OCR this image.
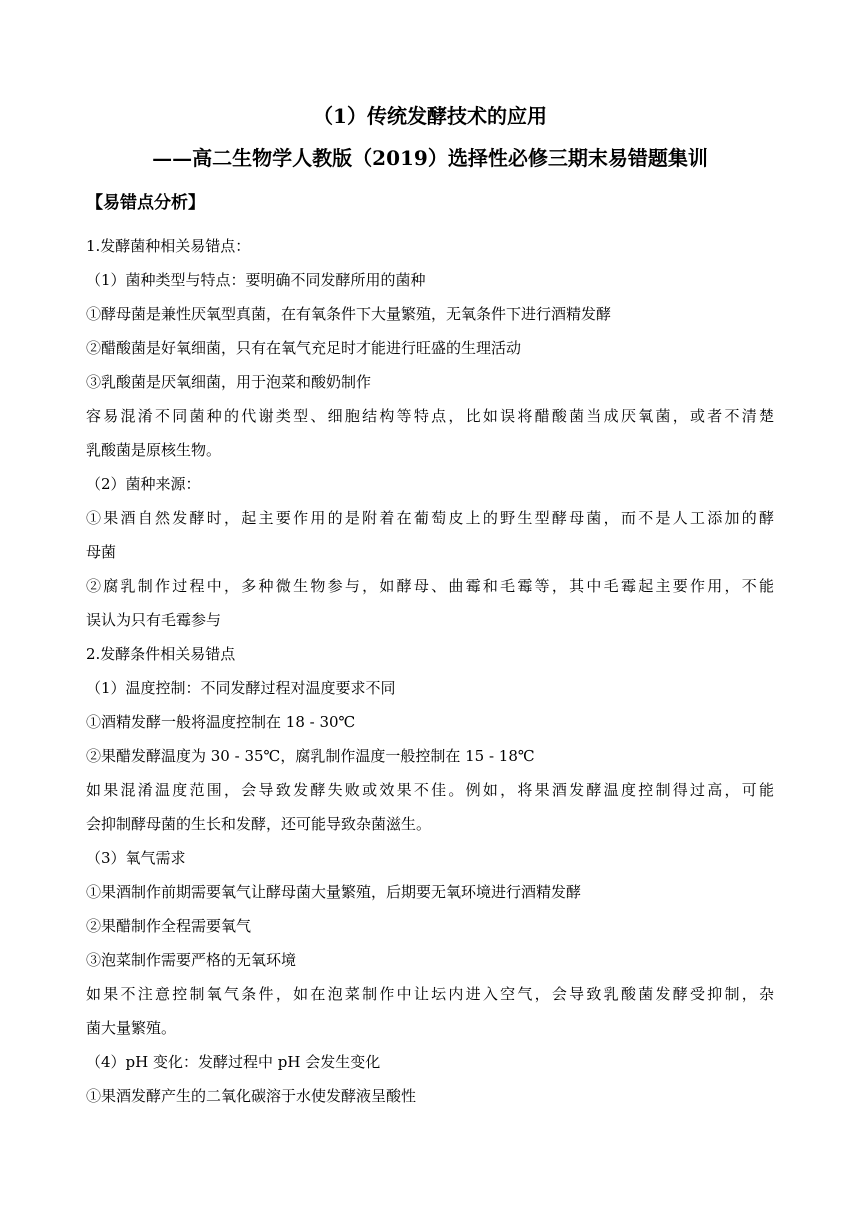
（1）传统发酵技术的应用
——高二生物学人教版（2019）选择性必修三期末易错题集训
【易错点分析】
1.发酵菌种相关易错点：
（1）菌种类型与特点：要明确不同发酵所用的菌种
①酵母菌是兼性厌氧型真菌，在有氧条件下大量繁殖，无氧条件下进行酒精发酵
②醋酸菌是好氧细菌，只有在氧气充足时才能进行旺盛的生理活动
③乳酸菌是厌氧细菌，用于泡菜和酸奶制作
容易混淆不同菌种的代谢类型、细胞结构等特点，比如误将醋酸菌当成厌氧菌，或者不清楚
乳酸菌是原核生物。
（2）菌种来源：
①果酒自然发酵时，起主要作用的是附着在葡萄皮上的野生型酵母菌，而不是人工添加的酵
母菌
②腐乳制作过程中，多种微生物参与，如酵母、曲霉和毛霉等，其中毛霉起主要作用，不能
误认为只有毛霉参与
2.发酵条件相关易错点
（1）温度控制：不同发酵过程对温度要求不同
①酒精发酵一般将温度控制在 18 - 30℃
②果醋发酵温度为 30 - 35℃，腐乳制作温度一般控制在 15 - 18℃
如果混淆温度范围，会导致发酵失败或效果不佳。例如，将果酒发酵温度控制得过高，可能
会抑制酵母菌的生长和发酵，还可能导致杂菌滋生。
（3）氧气需求
①果酒制作前期需要氧气让酵母菌大量繁殖，后期要无氧环境进行酒精发酵
②果醋制作全程需要氧气
③泡菜制作需要严格的无氧环境
如果不注意控制氧气条件，如在泡菜制作中让坛内进入空气，会导致乳酸菌发酵受抑制，杂
菌大量繁殖。
（4）pH 变化：发酵过程中 pH 会发生变化
①果酒发酵产生的二氧化碳溶于水使发酵液呈酸性
